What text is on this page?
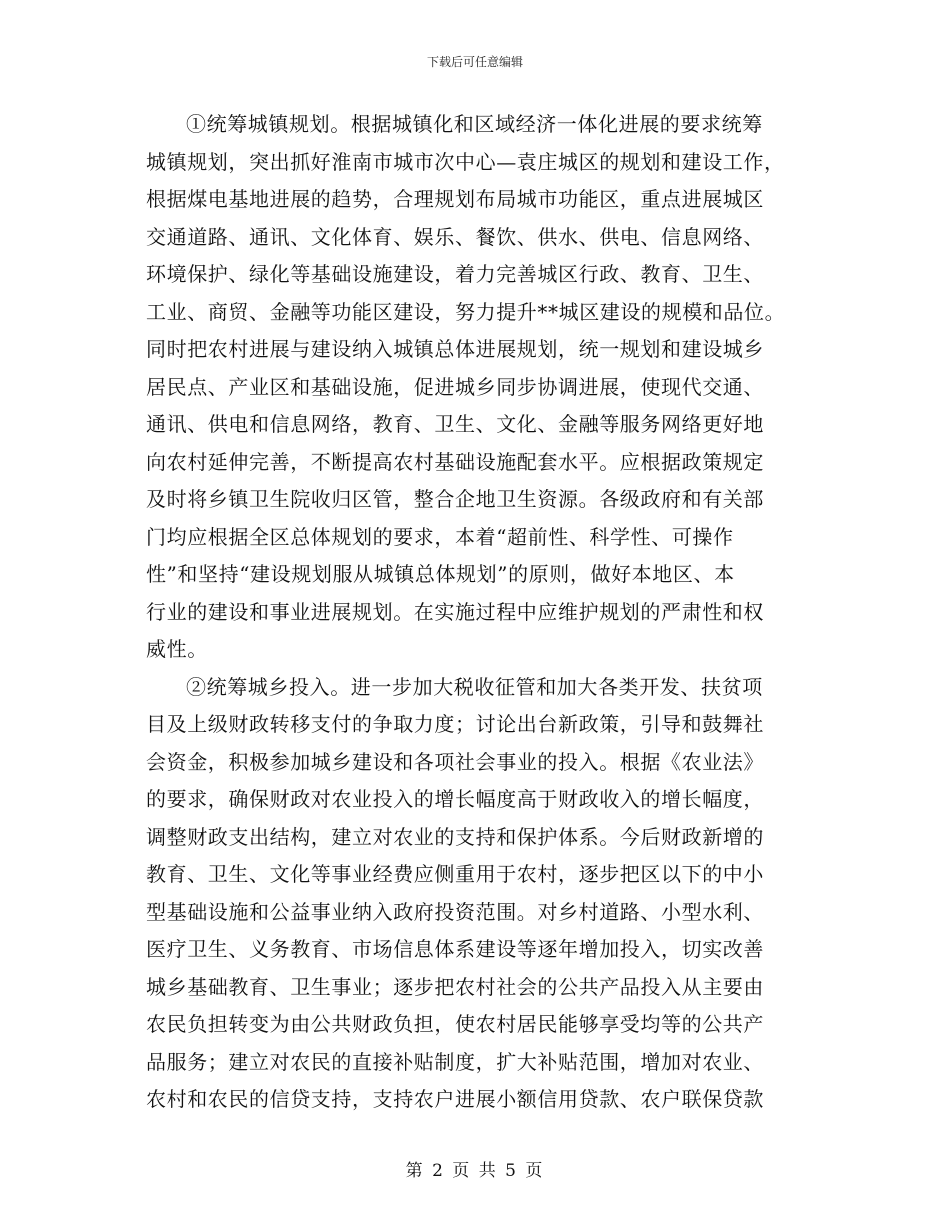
下载后可任意编辑
①统筹城镇规划。根据城镇化和区域经济一体化进展的要求统筹
城镇规划，突出抓好淮南市城市次中心—袁庄城区的规划和建设工作，
根据煤电基地进展的趋势，合理规划布局城市功能区，重点进展城区
交通道路、通讯、文化体育、娱乐、餐饮、供水、供电、信息网络、
环境保护、绿化等基础设施建设，着力完善城区行政、教育、卫生、
工业、商贸、金融等功能区建设，努力提升**城区建设的规模和品位。
同时把农村进展与建设纳入城镇总体进展规划，统一规划和建设城乡
居民点、产业区和基础设施，促进城乡同步协调进展，使现代交通、
通讯、供电和信息网络，教育、卫生、文化、金融等服务网络更好地
向农村延伸完善，不断提高农村基础设施配套水平。应根据政策规定
及时将乡镇卫生院收归区管，整合企地卫生资源。各级政府和有关部
门均应根据全区总体规划的要求，本着“超前性、科学性、可操作
性”和坚持“建设规划服从城镇总体规划”的原则，做好本地区、本
行业的建设和事业进展规划。在实施过程中应维护规划的严肃性和权
威性。
②统筹城乡投入。进一步加大税收征管和加大各类开发、扶贫项
目及上级财政转移支付的争取力度；讨论出台新政策，引导和鼓舞社
会资金，积极参加城乡建设和各项社会事业的投入。根据《农业法》
的要求，确保财政对农业投入的增长幅度高于财政收入的增长幅度，
调整财政支出结构，建立对农业的支持和保护体系。今后财政新增的
教育、卫生、文化等事业经费应侧重用于农村，逐步把区以下的中小
型基础设施和公益事业纳入政府投资范围。对乡村道路、小型水利、
医疗卫生、义务教育、市场信息体系建设等逐年增加投入，切实改善
城乡基础教育、卫生事业；逐步把农村社会的公共产品投入从主要由
农民负担转变为由公共财政负担，使农村居民能够享受均等的公共产
品服务；建立对农民的直接补贴制度，扩大补贴范围，增加对农业、
农村和农民的信贷支持，支持农户进展小额信用贷款、农户联保贷款
第 2 页 共 5 页
